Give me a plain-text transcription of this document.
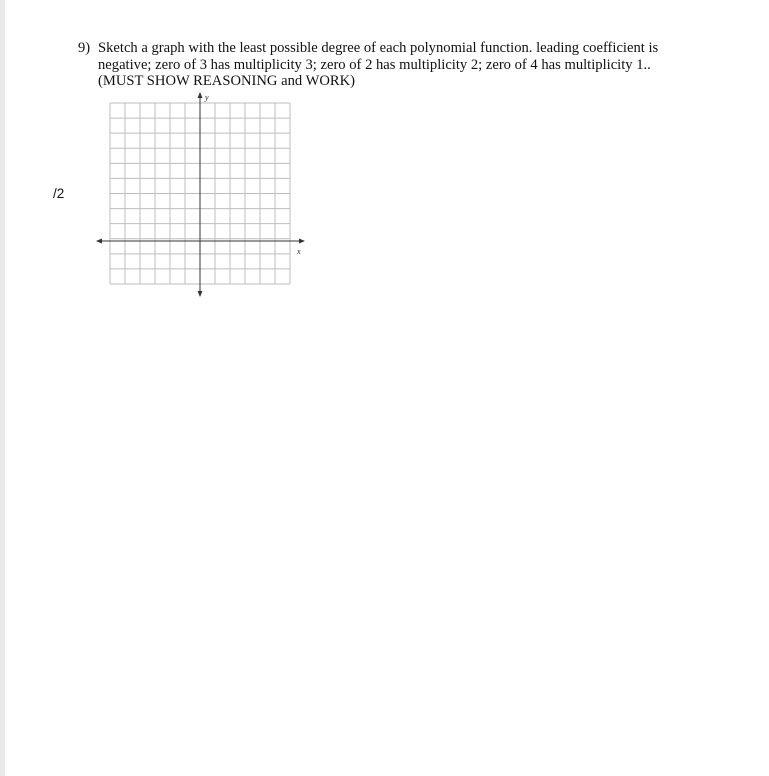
9) Sketch a graph with the least possible degree of each polynomial function. leading coefficient is
negative; zero of 3 has multiplicity 3; zero of 2 has multiplicity 2; zero of 4 has multiplicity 1..
(MUST SHOW REASONING and WORK)
/2
x
y
